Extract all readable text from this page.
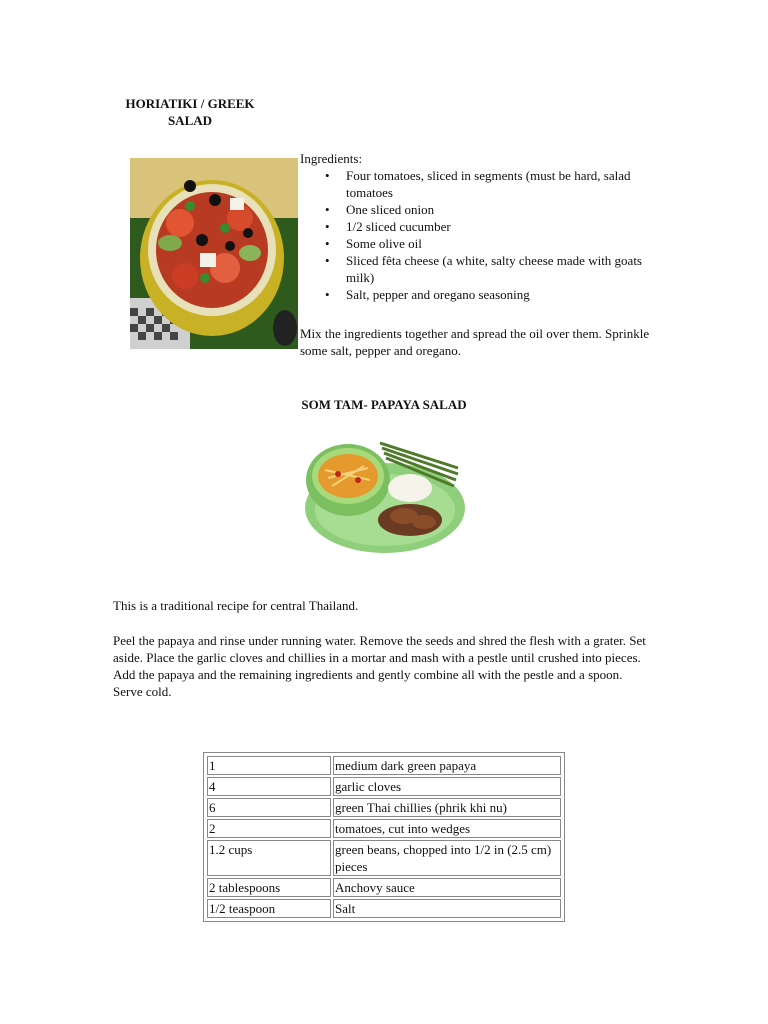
HORIATIKI / GREEK
SALAD
Ingredients:
• Four tomatoes, sliced in segments (must be hard, salad tomatoes
• One sliced onion
• 1/2 sliced cucumber
• Some olive oil
• Sliced fêta cheese (a white, salty cheese made with goats milk)
• Salt, pepper and oregano seasoning
Mix the ingredients together and spread the oil over them. Sprinkle some salt, pepper and oregano.
SOM TAM- PAPAYA SALAD
This is a traditional recipe for central Thailand.
Peel the papaya and rinse under running water. Remove the seeds and shred the flesh with a grater. Set aside. Place the garlic cloves and chillies in a mortar and mash with a pestle until crushed into pieces. Add the papaya and the remaining ingredients and gently combine all with the pestle and a spoon. Serve cold.
1	medium dark green papaya
4	garlic cloves
6	green Thai chillies (phrik khi nu)
2	tomatoes, cut into wedges
1.2 cups	green beans, chopped into 1/2 in (2.5 cm) pieces
2 tablespoons	Anchovy sauce
1/2 teaspoon	Salt
